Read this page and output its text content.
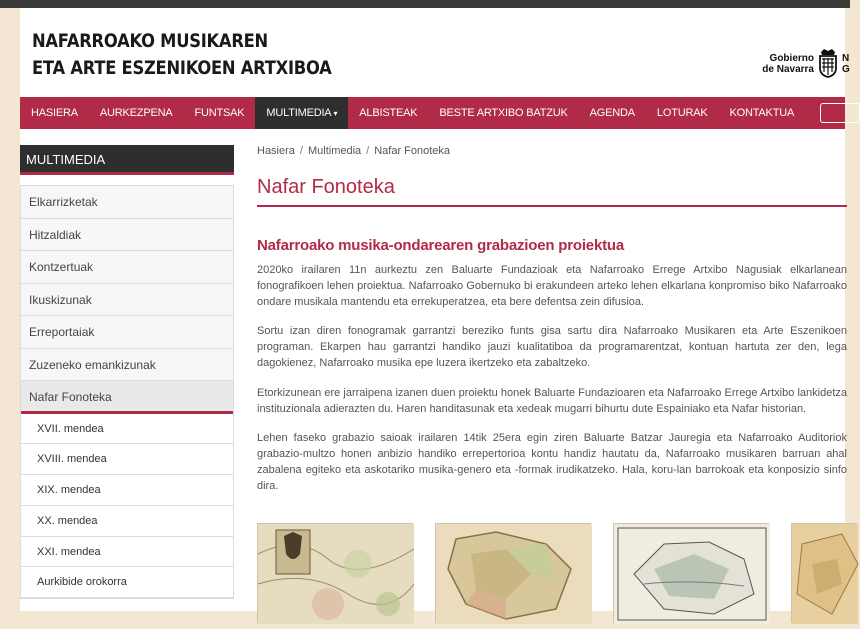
NAFARROAKO MUSIKAREN
ETA ARTE ESZENIKOEN ARTXIBOA	Gobierno
de Navarra
N
G
HASIERA	AURKEZPENA	FUNTSAK	MULTIMEDIA ▾	ALBISTEAK	BESTE ARTXIBO BATZUK	AGENDA	LOTURAK	KONTAKTUA
MULTIMEDIA
Elkarrizketak
Hitzaldiak
Kontzertuak
Ikuskizunak
Erreportaiak
Zuzeneko emankizunak
Nafar Fonoteka
XVII. mendea
XVIII. mendea
XIX. mendea
XX. mendea
XXI. mendea
Aurkibide orokorra
Hasiera / Multimedia / Nafar Fonoteka
Nafar Fonoteka
Nafarroako musika-ondarearen grabazioen proiektua
2020ko irailaren 11n aurkeztu zen Baluarte Fundazioak eta Nafarroako Errege Artxibo Nagusiak elkarlanean fonografikoen lehen proiektua. Nafarroako Gobernuko bi erakundeen arteko lehen elkarlana konpromiso biko Nafarroako ondare musikala mantendu eta errekuperatzea, eta bere defentsa zein difusioa.
Sortu izan diren fonogramak garrantzi bereziko funts gisa sartu dira Nafarroako Musikaren eta Arte Eszenikoen programan. Ekarpen hau garrantzi handiko jauzi kualitatiboa da programarentzat, kontuan hartuta zer den, lega dagokienez, Nafarroako musika epe luzera ikertzeko eta zabaltzeko.
Etorkizunean ere jarraipena izanen duen proiektu honek Baluarte Fundazioaren eta Nafarroako Errege Artxibo lankidetza instituzionala adierazten du. Haren handitasunak eta xedeak mugarri bihurtu dute Espainiako eta Nafar historian.
Lehen faseko grabazio saioak irailaren 14tik 25era egin ziren Baluarte Batzar Jauregia eta Nafarroako Auditoriok grabazio-multzo honen anbizio handiko errepertorioa kontu handiz hautatu da, Nafarroako musikaren barruan ahal zabalena egiteko eta askotariko musika-genero eta -formak irudikatzeko. Hala, koru-lan barrokoak eta konposizio sinfo dira.
